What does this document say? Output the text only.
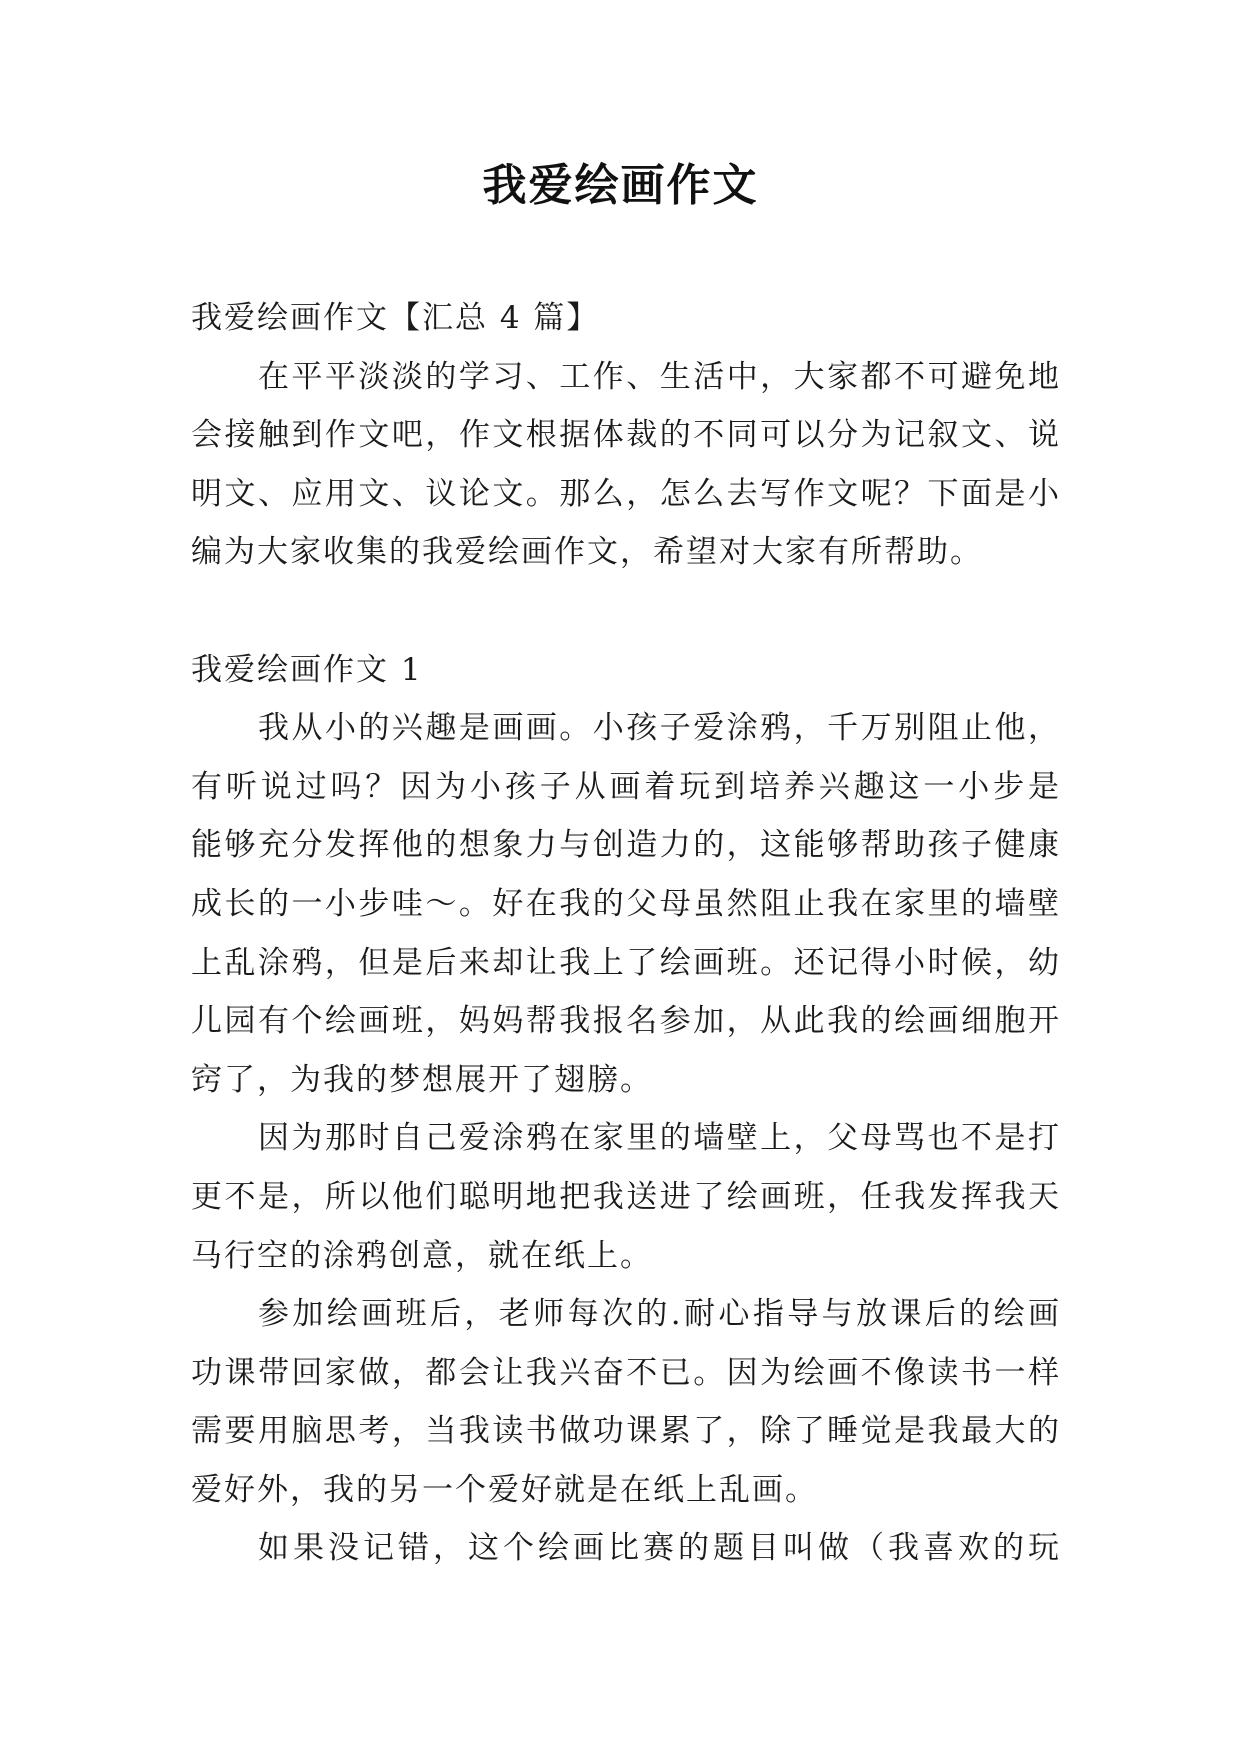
我爱绘画作文
我爱绘画作文【汇总 4 篇】
在平平淡淡的学习、工作、生活中，大家都不可避免地
会接触到作文吧，作文根据体裁的不同可以分为记叙文、说
明文、应用文、议论文。那么，怎么去写作文呢？下面是小
编为大家收集的我爱绘画作文，希望对大家有所帮助。
我爱绘画作文 1
我从小的兴趣是画画。小孩子爱涂鸦，千万别阻止他，
有听说过吗？因为小孩子从画着玩到培养兴趣这一小步是
能够充分发挥他的想象力与创造力的，这能够帮助孩子健康
成长的一小步哇～。好在我的父母虽然阻止我在家里的墙壁
上乱涂鸦，但是后来却让我上了绘画班。还记得小时候，幼
儿园有个绘画班，妈妈帮我报名参加，从此我的绘画细胞开
窍了，为我的梦想展开了翅膀。
因为那时自己爱涂鸦在家里的墙壁上，父母骂也不是打
更不是，所以他们聪明地把我送进了绘画班，任我发挥我天
马行空的涂鸦创意，就在纸上。
参加绘画班后，老师每次的.耐心指导与放课后的绘画
功课带回家做，都会让我兴奋不已。因为绘画不像读书一样
需要用脑思考，当我读书做功课累了，除了睡觉是我最大的
爱好外，我的另一个爱好就是在纸上乱画。
如果没记错，这个绘画比赛的题目叫做（我喜欢的玩
